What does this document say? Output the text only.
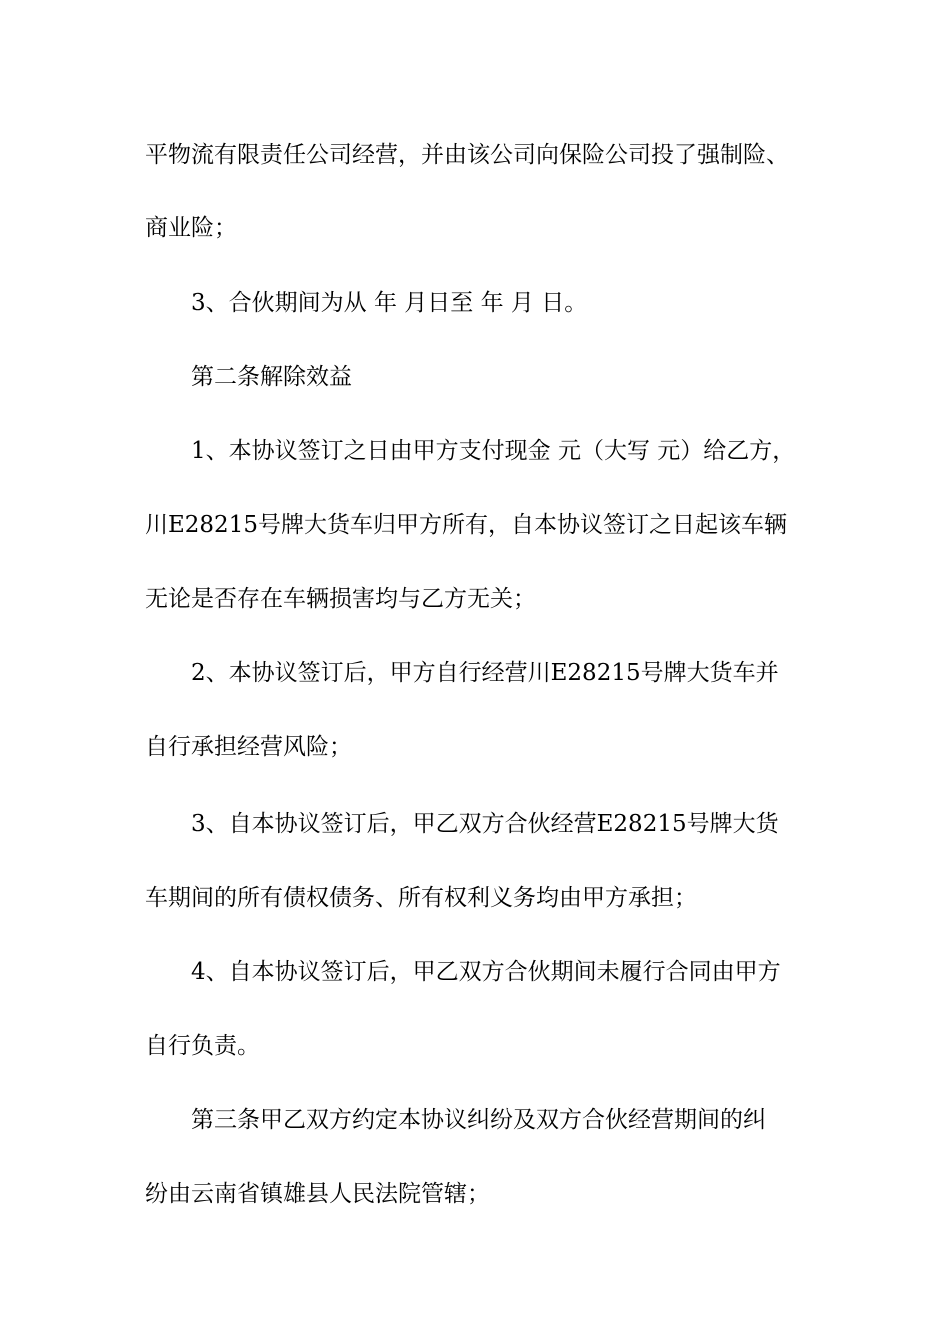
平物流有限责任公司经营，并由该公司向保险公司投了强制险、
商业险；
3、合伙期间为从 年 月日至 年 月 日。
第二条解除效益
1、本协议签订之日由甲方支付现金 元（大写 元）给乙方，
川E28215号牌大货车归甲方所有，自本协议签订之日起该车辆
无论是否存在车辆损害均与乙方无关；
2、本协议签订后，甲方自行经营川E28215号牌大货车并
自行承担经营风险；
3、自本协议签订后，甲乙双方合伙经营E28215号牌大货
车期间的所有债权债务、所有权利义务均由甲方承担；
4、自本协议签订后，甲乙双方合伙期间未履行合同由甲方
自行负责。
第三条甲乙双方约定本协议纠纷及双方合伙经营期间的纠
纷由云南省镇雄县人民法院管辖；
